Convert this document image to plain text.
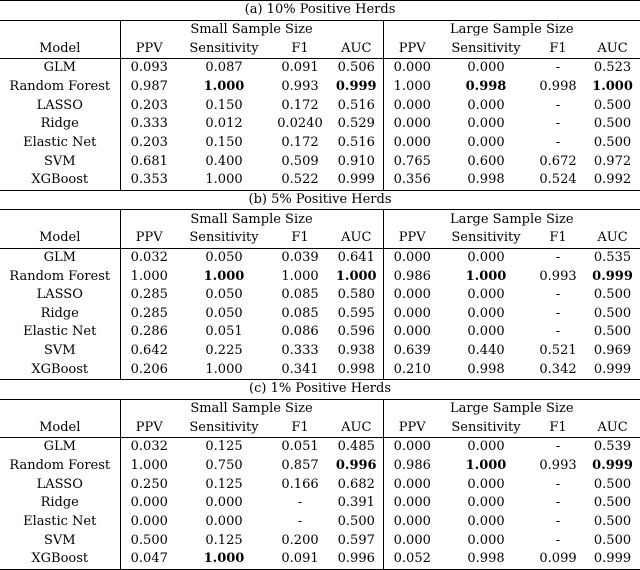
(a) 10% Positive Herds								
	Small Sample Size				Large Sample Size			
Model	PPV	Sensitivity	F1	AUC	PPV	Sensitivity	F1	AUC
GLM	0.093	0.087	0.091	0.506	0.000	0.000	-	0.523
Random Forest	0.987	1.000	0.993	0.999	1.000	0.998	0.998	1.000
LASSO	0.203	0.150	0.172	0.516	0.000	0.000	-	0.500
Ridge	0.333	0.012	0.0240	0.529	0.000	0.000	-	0.500
Elastic Net	0.203	0.150	0.172	0.516	0.000	0.000	-	0.500
SVM	0.681	0.400	0.509	0.910	0.765	0.600	0.672	0.972
XGBoost	0.353	1.000	0.522	0.999	0.356	0.998	0.524	0.992
(b) 5% Positive Herds								
	Small Sample Size				Large Sample Size			
Model	PPV	Sensitivity	F1	AUC	PPV	Sensitivity	F1	AUC
GLM	0.032	0.050	0.039	0.641	0.000	0.000	-	0.535
Random Forest	1.000	1.000	1.000	1.000	0.986	1.000	0.993	0.999
LASSO	0.285	0.050	0.085	0.580	0.000	0.000	-	0.500
Ridge	0.285	0.050	0.085	0.595	0.000	0.000	-	0.500
Elastic Net	0.286	0.051	0.086	0.596	0.000	0.000	-	0.500
SVM	0.642	0.225	0.333	0.938	0.639	0.440	0.521	0.969
XGBoost	0.206	1.000	0.341	0.998	0.210	0.998	0.342	0.999
(c) 1% Positive Herds								
	Small Sample Size				Large Sample Size			
Model	PPV	Sensitivity	F1	AUC	PPV	Sensitivity	F1	AUC
GLM	0.032	0.125	0.051	0.485	0.000	0.000	-	0.539
Random Forest	1.000	0.750	0.857	0.996	0.986	1.000	0.993	0.999
LASSO	0.250	0.125	0.166	0.682	0.000	0.000	-	0.500
Ridge	0.000	0.000	-	0.391	0.000	0.000	-	0.500
Elastic Net	0.000	0.000	-	0.500	0.000	0.000	-	0.500
SVM	0.500	0.125	0.200	0.597	0.000	0.000	-	0.500
XGBoost	0.047	1.000	0.091	0.996	0.052	0.998	0.099	0.999
